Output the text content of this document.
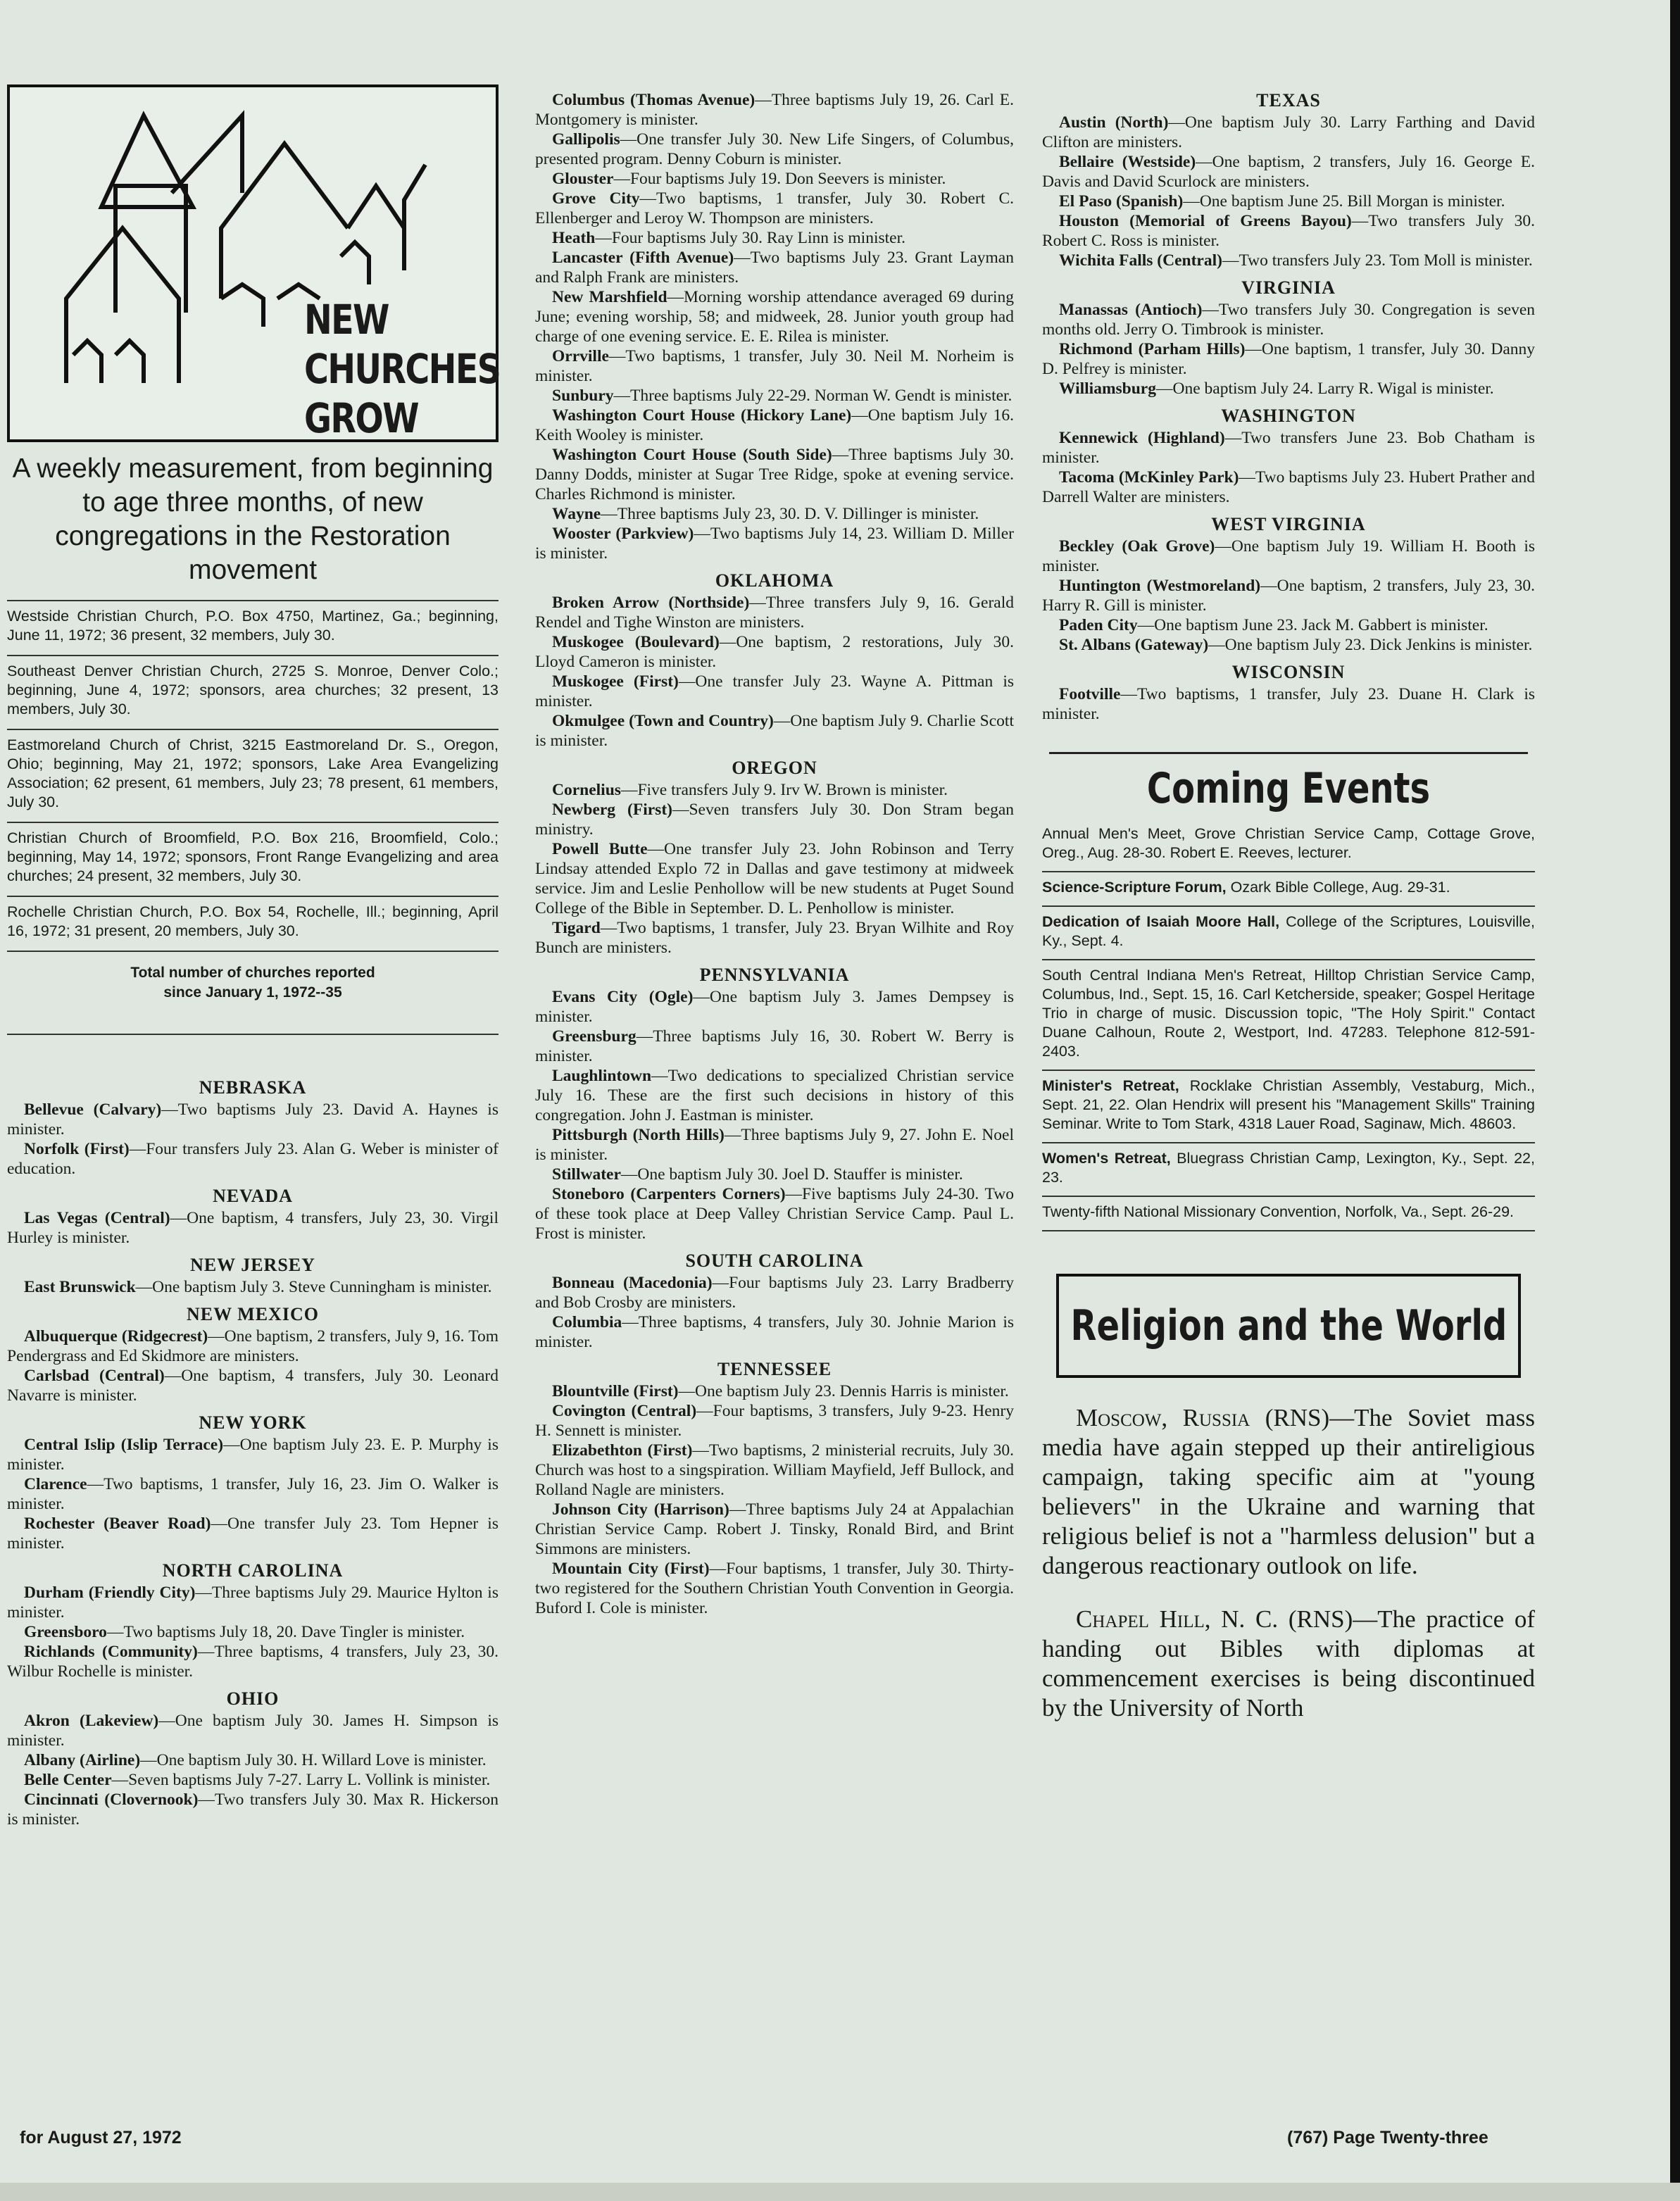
NEW
CHURCHES
GROW
A weekly measurement, from beginning to age three months, of new congregations in the Restoration movement
Westside Christian Church, P.O. Box 4750, Martinez, Ga.; beginning, June 11, 1972; 36 present, 32 members, July 30.
Southeast Denver Christian Church, 2725 S. Monroe, Denver Colo.; beginning, June 4, 1972; sponsors, area churches; 32 present, 13 members, July 30.
Eastmoreland Church of Christ, 3215 Eastmoreland Dr. S., Oregon, Ohio; beginning, May 21, 1972; sponsors, Lake Area Evangelizing Association; 62 present, 61 members, July 23; 78 present, 61 members, July 30.
Christian Church of Broomfield, P.O. Box 216, Broomfield, Colo.; beginning, May 14, 1972; sponsors, Front Range Evangelizing and area churches; 24 present, 32 members, July 30.
Rochelle Christian Church, P.O. Box 54, Rochelle, Ill.; beginning, April 16, 1972; 31 present, 20 members, July 30.
Total number of churches reported
since January 1, 1972--35
NEBRASKA
Bellevue (Calvary)—Two baptisms July 23. David A. Haynes is minister.
Norfolk (First)—Four transfers July 23. Alan G. Weber is minister of education.
NEVADA
Las Vegas (Central)—One baptism, 4 transfers, July 23, 30. Virgil Hurley is minister.
NEW JERSEY
East Brunswick—One baptism July 3. Steve Cunningham is minister.
NEW MEXICO
Albuquerque (Ridgecrest)—One baptism, 2 transfers, July 9, 16. Tom Pendergrass and Ed Skidmore are ministers.
Carlsbad (Central)—One baptism, 4 transfers, July 30. Leonard Navarre is minister.
NEW YORK
Central Islip (Islip Terrace)—One baptism July 23. E. P. Murphy is minister.
Clarence—Two baptisms, 1 transfer, July 16, 23. Jim O. Walker is minister.
Rochester (Beaver Road)—One transfer July 23. Tom Hepner is minister.
NORTH CAROLINA
Durham (Friendly City)—Three baptisms July 29. Maurice Hylton is minister.
Greensboro—Two baptisms July 18, 20. Dave Tingler is minister.
Richlands (Community)—Three baptisms, 4 transfers, July 23, 30. Wilbur Rochelle is minister.
OHIO
Akron (Lakeview)—One baptism July 30. James H. Simpson is minister.
Albany (Airline)—One baptism July 30. H. Willard Love is minister.
Belle Center—Seven baptisms July 7-27. Larry L. Vollink is minister.
Cincinnati (Clovernook)—Two transfers July 30. Max R. Hickerson is minister.
Columbus (Thomas Avenue)—Three baptisms July 19, 26. Carl E. Montgomery is minister.
Gallipolis—One transfer July 30. New Life Singers, of Columbus, presented program. Denny Coburn is minister.
Glouster—Four baptisms July 19. Don Seevers is minister.
Grove City—Two baptisms, 1 transfer, July 30. Robert C. Ellenberger and Leroy W. Thompson are ministers.
Heath—Four baptisms July 30. Ray Linn is minister.
Lancaster (Fifth Avenue)—Two baptisms July 23. Grant Layman and Ralph Frank are ministers.
New Marshfield—Morning worship attendance averaged 69 during June; evening worship, 58; and midweek, 28. Junior youth group had charge of one evening service. E. E. Rilea is minister.
Orrville—Two baptisms, 1 transfer, July 30. Neil M. Norheim is minister.
Sunbury—Three baptisms July 22-29. Norman W. Gendt is minister.
Washington Court House (Hickory Lane)—One baptism July 16. Keith Wooley is minister.
Washington Court House (South Side)—Three baptisms July 30. Danny Dodds, minister at Sugar Tree Ridge, spoke at evening service. Charles Richmond is minister.
Wayne—Three baptisms July 23, 30. D. V. Dillinger is minister.
Wooster (Parkview)—Two baptisms July 14, 23. William D. Miller is minister.
OKLAHOMA
Broken Arrow (Northside)—Three transfers July 9, 16. Gerald Rendel and Tighe Winston are ministers.
Muskogee (Boulevard)—One baptism, 2 restorations, July 30. Lloyd Cameron is minister.
Muskogee (First)—One transfer July 23. Wayne A. Pittman is minister.
Okmulgee (Town and Country)—One baptism July 9. Charlie Scott is minister.
OREGON
Cornelius—Five transfers July 9. Irv W. Brown is minister.
Newberg (First)—Seven transfers July 30. Don Stram began ministry.
Powell Butte—One transfer July 23. John Robinson and Terry Lindsay attended Explo 72 in Dallas and gave testimony at midweek service. Jim and Leslie Penhollow will be new students at Puget Sound College of the Bible in September. D. L. Penhollow is minister.
Tigard—Two baptisms, 1 transfer, July 23. Bryan Wilhite and Roy Bunch are ministers.
PENNSYLVANIA
Evans City (Ogle)—One baptism July 3. James Dempsey is minister.
Greensburg—Three baptisms July 16, 30. Robert W. Berry is minister.
Laughlintown—Two dedications to specialized Christian service July 16. These are the first such decisions in history of this congregation. John J. Eastman is minister.
Pittsburgh (North Hills)—Three baptisms July 9, 27. John E. Noel is minister.
Stillwater—One baptism July 30. Joel D. Stauffer is minister.
Stoneboro (Carpenters Corners)—Five baptisms July 24-30. Two of these took place at Deep Valley Christian Service Camp. Paul L. Frost is minister.
SOUTH CAROLINA
Bonneau (Macedonia)—Four baptisms July 23. Larry Bradberry and Bob Crosby are ministers.
Columbia—Three baptisms, 4 transfers, July 30. Johnie Marion is minister.
TENNESSEE
Blountville (First)—One baptism July 23. Dennis Harris is minister.
Covington (Central)—Four baptisms, 3 transfers, July 9-23. Henry H. Sennett is minister.
Elizabethton (First)—Two baptisms, 2 ministerial recruits, July 30. Church was host to a singspiration. William Mayfield, Jeff Bullock, and Rolland Nagle are ministers.
Johnson City (Harrison)—Three baptisms July 24 at Appalachian Christian Service Camp. Robert J. Tinsky, Ronald Bird, and Brint Simmons are ministers.
Mountain City (First)—Four baptisms, 1 transfer, July 30. Thirty-two registered for the Southern Christian Youth Convention in Georgia. Buford I. Cole is minister.
TEXAS
Austin (North)—One baptism July 30. Larry Farthing and David Clifton are ministers.
Bellaire (Westside)—One baptism, 2 transfers, July 16. George E. Davis and David Scurlock are ministers.
El Paso (Spanish)—One baptism June 25. Bill Morgan is minister.
Houston (Memorial of Greens Bayou)—Two transfers July 30. Robert C. Ross is minister.
Wichita Falls (Central)—Two transfers July 23. Tom Moll is minister.
VIRGINIA
Manassas (Antioch)—Two transfers July 30. Congregation is seven months old. Jerry O. Timbrook is minister.
Richmond (Parham Hills)—One baptism, 1 transfer, July 30. Danny D. Pelfrey is minister.
Williamsburg—One baptism July 24. Larry R. Wigal is minister.
WASHINGTON
Kennewick (Highland)—Two transfers June 23. Bob Chatham is minister.
Tacoma (McKinley Park)—Two baptisms July 23. Hubert Prather and Darrell Walter are ministers.
WEST VIRGINIA
Beckley (Oak Grove)—One baptism July 19. William H. Booth is minister.
Huntington (Westmoreland)—One baptism, 2 transfers, July 23, 30. Harry R. Gill is minister.
Paden City—One baptism June 23. Jack M. Gabbert is minister.
St. Albans (Gateway)—One baptism July 23. Dick Jenkins is minister.
WISCONSIN
Footville—Two baptisms, 1 transfer, July 23. Duane H. Clark is minister.
Coming Events
Annual Men's Meet, Grove Christian Service Camp, Cottage Grove, Oreg., Aug. 28-30. Robert E. Reeves, lecturer.
Science-Scripture Forum, Ozark Bible College, Aug. 29-31.
Dedication of Isaiah Moore Hall, College of the Scriptures, Louisville, Ky., Sept. 4.
South Central Indiana Men's Retreat, Hilltop Christian Service Camp, Columbus, Ind., Sept. 15, 16. Carl Ketcherside, speaker; Gospel Heritage Trio in charge of music. Discussion topic, "The Holy Spirit." Contact Duane Calhoun, Route 2, Westport, Ind. 47283. Telephone 812-591-2403.
Minister's Retreat, Rocklake Christian Assembly, Vestaburg, Mich., Sept. 21, 22. Olan Hendrix will present his "Management Skills" Training Seminar. Write to Tom Stark, 4318 Lauer Road, Saginaw, Mich. 48603.
Women's Retreat, Bluegrass Christian Camp, Lexington, Ky., Sept. 22, 23.
Twenty-fifth National Missionary Convention, Norfolk, Va., Sept. 26-29.
Religion and the World
Moscow, Russia (RNS)—The Soviet mass media have again stepped up their antireligious campaign, taking specific aim at "young believers" in the Ukraine and warning that religious belief is not a "harmless delusion" but a dangerous reactionary outlook on life.
Chapel Hill, N. C. (RNS)—The practice of handing out Bibles with diplomas at commencement exercises is being discontinued by the University of North
for August 27, 1972	(767) Page Twenty-three
